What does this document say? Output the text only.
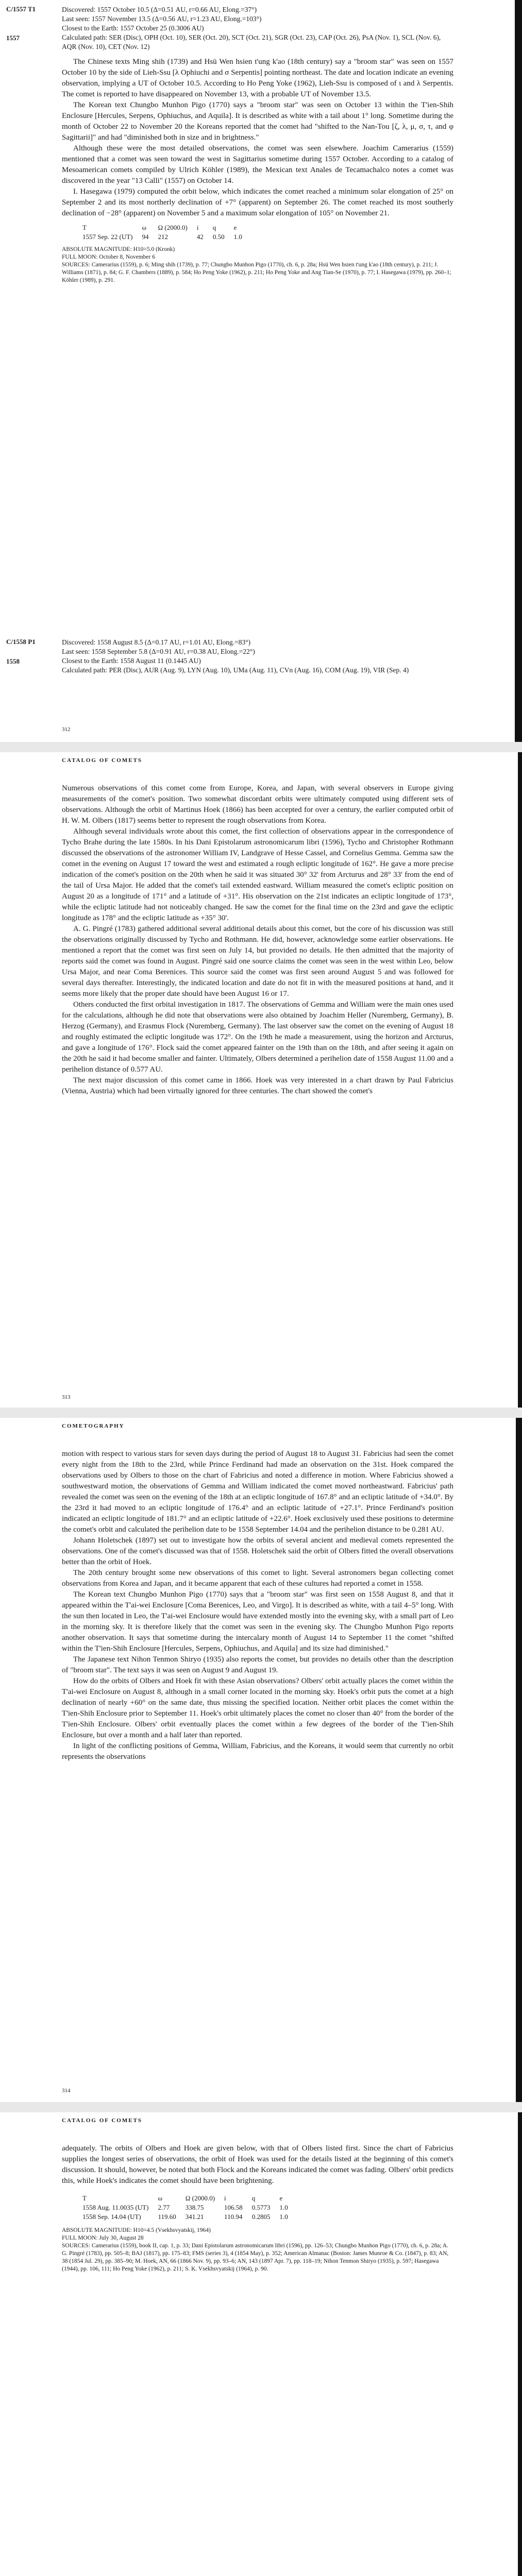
C/1557 T1
1557
Discovered: 1557 October 10.5 (Δ=0.51 AU, r=0.66 AU, Elong.=37°)
Last seen: 1557 November 13.5 (Δ=0.56 AU, r=1.23 AU, Elong.=103°)
Closest to the Earth: 1557 October 25 (0.3006 AU)
Calculated path: SER (Disc), OPH (Oct. 10), SER (Oct. 20), SCT (Oct. 21), SGR (Oct. 23), CAP (Oct. 26), PsA (Nov. 1), SCL (Nov. 6), AQR (Nov. 10), CET (Nov. 12)

The Chinese texts Ming shih (1739) and Hsü Wen hsien t'ung k'ao (18th century) say a "broom star" was seen on 1557 October 10 by the side of Lieh-Ssu [λ Ophiuchi and σ Serpentis] pointing northeast. The date and location indicate an evening observation, implying a UT of October 10.5. According to Ho Peng Yoke (1962), Lieh-Ssu is composed of ι and λ Serpentis. The comet is reported to have disappeared on November 13, with a probable UT of November 13.5.

The Korean text Chungbo Munhon Pigo (1770) says a "broom star" was seen on October 13 within the T'ien-Shih Enclosure [Hercules, Serpens, Ophiuchus, and Aquila]. It is described as white with a tail about 1° long. Sometime during the month of October 22 to November 20 the Koreans reported that the comet had "shifted to the Nan-Tou [ζ, λ, μ, σ, τ, and φ Sagittarii]" and had "diminished both in size and in brightness."

Although these were the most detailed observations, the comet was seen elsewhere. Joachim Camerarius (1559) mentioned that a comet was seen toward the west in Sagittarius sometime during 1557 October. According to a catalog of Mesoamerican comets compiled by Ulrich Köhler (1989), the Mexican text Anales de Tecamachalco notes a comet was discovered in the year "13 Calli" (1557) on October 14.

I. Hasegawa (1979) computed the orbit below, which indicates the comet reached a minimum solar elongation of 25° on September 2 and its most northerly declination of +7° (apparent) on September 26. The comet reached its most southerly declination of −28° (apparent) on November 5 and a maximum solar elongation of 105° on November 21.

T	ω	Ω (2000.0)	i	q	e
1557 Sep. 22 (UT)	94	212	42	0.50	1.0
ABSOLUTE MAGNITUDE: H10=5.0 (Kronk)
FULL MOON: October 8, November 6
SOURCES: Camerarius (1559), p. 6; Ming shih (1739), p. 77; Chungbo Munhon Pigo (1770), ch. 6, p. 28a; Hsü Wen hsien t'ung k'ao (18th century), p. 211; J. Williams (1871), p. 84; G. F. Chambers (1889), p. 584; Ho Peng Yoke (1962), p. 211; Ho Peng Yoke and Ang Tian-Se (1970), p. 77; I. Hasegawa (1979), pp. 260–1; Köhler (1989), p. 291.
C/1558 P1
1558
Discovered: 1558 August 8.5 (Δ=0.17 AU, r=1.01 AU, Elong.=83°)
Last seen: 1558 September 5.8 (Δ=0.91 AU, r=0.38 AU, Elong.=22°)
Closest to the Earth: 1558 August 11 (0.1445 AU)
Calculated path: PER (Disc), AUR (Aug. 9), LYN (Aug. 10), UMa (Aug. 11), CVn (Aug. 16), COM (Aug. 19), VIR (Sep. 4)
312
CATALOG OF COMETS

Numerous observations of this comet come from Europe, Korea, and Japan, with several observers in Europe giving measurements of the comet's position. Two somewhat discordant orbits were ultimately computed using different sets of observations. Although the orbit of Martinus Hoek (1866) has been accepted for over a century, the earlier computed orbit of H. W. M. Olbers (1817) seems better to represent the rough observations from Korea.

Although several individuals wrote about this comet, the first collection of observations appear in the correspondence of Tycho Brahe during the late 1580s. In his Dani Epistolarum astronomicarum libri (1596), Tycho and Christopher Rothmann discussed the observations of the astronomer William IV, Landgrave of Hesse Cassel, and Cornelius Gemma. Gemma saw the comet in the evening on August 17 toward the west and estimated a rough ecliptic longitude of 162°. He gave a more precise indication of the comet's position on the 20th when he said it was situated 30° 32' from Arcturus and 28° 33' from the end of the tail of Ursa Major. He added that the comet's tail extended eastward. William measured the comet's ecliptic position on August 20 as a longitude of 171° and a latitude of +31°. His observation on the 21st indicates an ecliptic longitude of 173°, while the ecliptic latitude had not noticeably changed. He saw the comet for the final time on the 23rd and gave the ecliptic longitude as 178° and the ecliptic latitude as +35° 30'.

A. G. Pingré (1783) gathered additional several additional details about this comet, but the core of his discussion was still the observations originally discussed by Tycho and Rothmann. He did, however, acknowledge some earlier observations. He mentioned a report that the comet was first seen on July 14, but provided no details. He then admitted that the majority of reports said the comet was found in August. Pingré said one source claims the comet was seen in the west within Leo, below Ursa Major, and near Coma Berenices. This source said the comet was first seen around August 5 and was followed for several days thereafter. Interestingly, the indicated location and date do not fit in with the measured positions at hand, and it seems more likely that the proper date should have been August 16 or 17.

Others conducted the first orbital investigation in 1817. The observations of Gemma and William were the main ones used for the calculations, although he did note that observations were also obtained by Joachim Heller (Nuremberg, Germany), B. Herzog (Germany), and Erasmus Flock (Nuremberg, Germany). The last observer saw the comet on the evening of August 18 and roughly estimated the ecliptic longitude was 172°. On the 19th he made a measurement, using the horizon and Arcturus, and gave a longitude of 176°. Flock said the comet appeared fainter on the 19th than on the 18th, and after seeing it again on the 20th he said it had become smaller and fainter. Ultimately, Olbers determined a perihelion date of 1558 August 11.00 and a perihelion distance of 0.577 AU.

The next major discussion of this comet came in 1866. Hoek was very interested in a chart drawn by Paul Fabricius (Vienna, Austria) which had been virtually ignored for three centuries. The chart showed the comet's

313
COMETOGRAPHY

motion with respect to various stars for seven days during the period of August 18 to August 31. Fabricius had seen the comet every night from the 18th to the 23rd, while Prince Ferdinand had made an observation on the 31st. Hoek compared the observations used by Olbers to those on the chart of Fabricius and noted a difference in motion. Where Fabricius showed a southwestward motion, the observations of Gemma and William indicated the comet moved northeastward. Fabricius' path revealed the comet was seen on the evening of the 18th at an ecliptic longitude of 167.8° and an ecliptic latitude of +34.0°. By the 23rd it had moved to an ecliptic longitude of 176.4° and an ecliptic latitude of +27.1°. Prince Ferdinand's position indicated an ecliptic longitude of 181.7° and an ecliptic latitude of +22.6°. Hoek exclusively used these positions to determine the comet's orbit and calculated the perihelion date to be 1558 September 14.04 and the perihelion distance to be 0.281 AU.

Johann Holetschek (1897) set out to investigate how the orbits of several ancient and medieval comets represented the observations. One of the comet's discussed was that of 1558. Holetschek said the orbit of Olbers fitted the overall observations better than the orbit of Hoek.

The 20th century brought some new observations of this comet to light. Several astronomers began collecting comet observations from Korea and Japan, and it became apparent that each of these cultures had reported a comet in 1558.

The Korean text Chungbo Munhon Pigo (1770) says that a "broom star" was first seen on 1558 August 8, and that it appeared within the T'ai-wei Enclosure [Coma Berenices, Leo, and Virgo]. It is described as white, with a tail 4–5° long. With the sun then located in Leo, the T'ai-wei Enclosure would have extended mostly into the evening sky, with a small part of Leo in the morning sky. It is therefore likely that the comet was seen in the evening sky. The Chungbo Munhon Pigo reports another observation. It says that sometime during the intercalary month of August 14 to September 11 the comet "shifted within the T'ien-Shih Enclosure [Hercules, Serpens, Ophiuchus, and Aquila] and its size had diminished."

The Japanese text Nihon Tenmon Shiryo (1935) also reports the comet, but provides no details other than the description of "broom star". The text says it was seen on August 9 and August 19.

How do the orbits of Olbers and Hoek fit with these Asian observations? Olbers' orbit actually places the comet within the T'ai-wei Enclosure on August 8, although in a small corner located in the morning sky. Hoek's orbit puts the comet at a high declination of nearly +60° on the same date, thus missing the specified location. Neither orbit places the comet within the T'ien-Shih Enclosure prior to September 11. Hoek's orbit ultimately places the comet no closer than 40° from the border of the T'ien-Shih Enclosure. Olbers' orbit eventually places the comet within a few degrees of the border of the T'ien-Shih Enclosure, but over a month and a half later than reported.

In light of the conflicting positions of Gemma, William, Fabricius, and the Koreans, it would seem that currently no orbit represents the observations

314
CATALOG OF COMETS

adequately. The orbits of Olbers and Hoek are given below, with that of Olbers listed first. Since the chart of Fabricius supplies the longest series of observations, the orbit of Hoek was used for the details listed at the beginning of this comet's discussion. It should, however, be noted that both Flock and the Koreans indicated the comet was fading. Olbers' orbit predicts this, while Hoek's indicates the comet should have been brightening.

T	ω	Ω (2000.0)	i	q	e
1558 Aug. 11.0035 (UT)	2.77	338.75	106.58	0.5773	1.0
1558 Sep. 14.04 (UT)	119.60	341.21	110.94	0.2805	1.0
ABSOLUTE MAGNITUDE: H10=4.5 (Vsekhsvyatskij, 1964)
FULL MOON: July 30, August 28
SOURCES: Camerarius (1559), book II, cap. 1, p. 33; Dani Epistolarum astronomicarum libri (1596), pp. 126–53; Chungbo Munhon Pigo (1770), ch. 6, p. 28a; A. G. Pingré (1783), pp. 505–8; BAJ (1817), pp. 175–83; FMS (series 3), 4 (1854 May), p. 352; American Almanac (Boston: James Munroe & Co. (1847), p. 83; AN, 38 (1854 Jul. 29), pp. 385–90; M. Hoek, AN, 66 (1866 Nov. 9), pp. 93–6; AN, 143 (1897 Apr. 7), pp. 118–19; Nihon Tenmon Shiryo (1935), p. 597; Hasegawa (1944), pp. 106, 111; Ho Peng Yoke (1962), p. 211; S. K. Vsekhsvyatskij (1964), p. 90.
